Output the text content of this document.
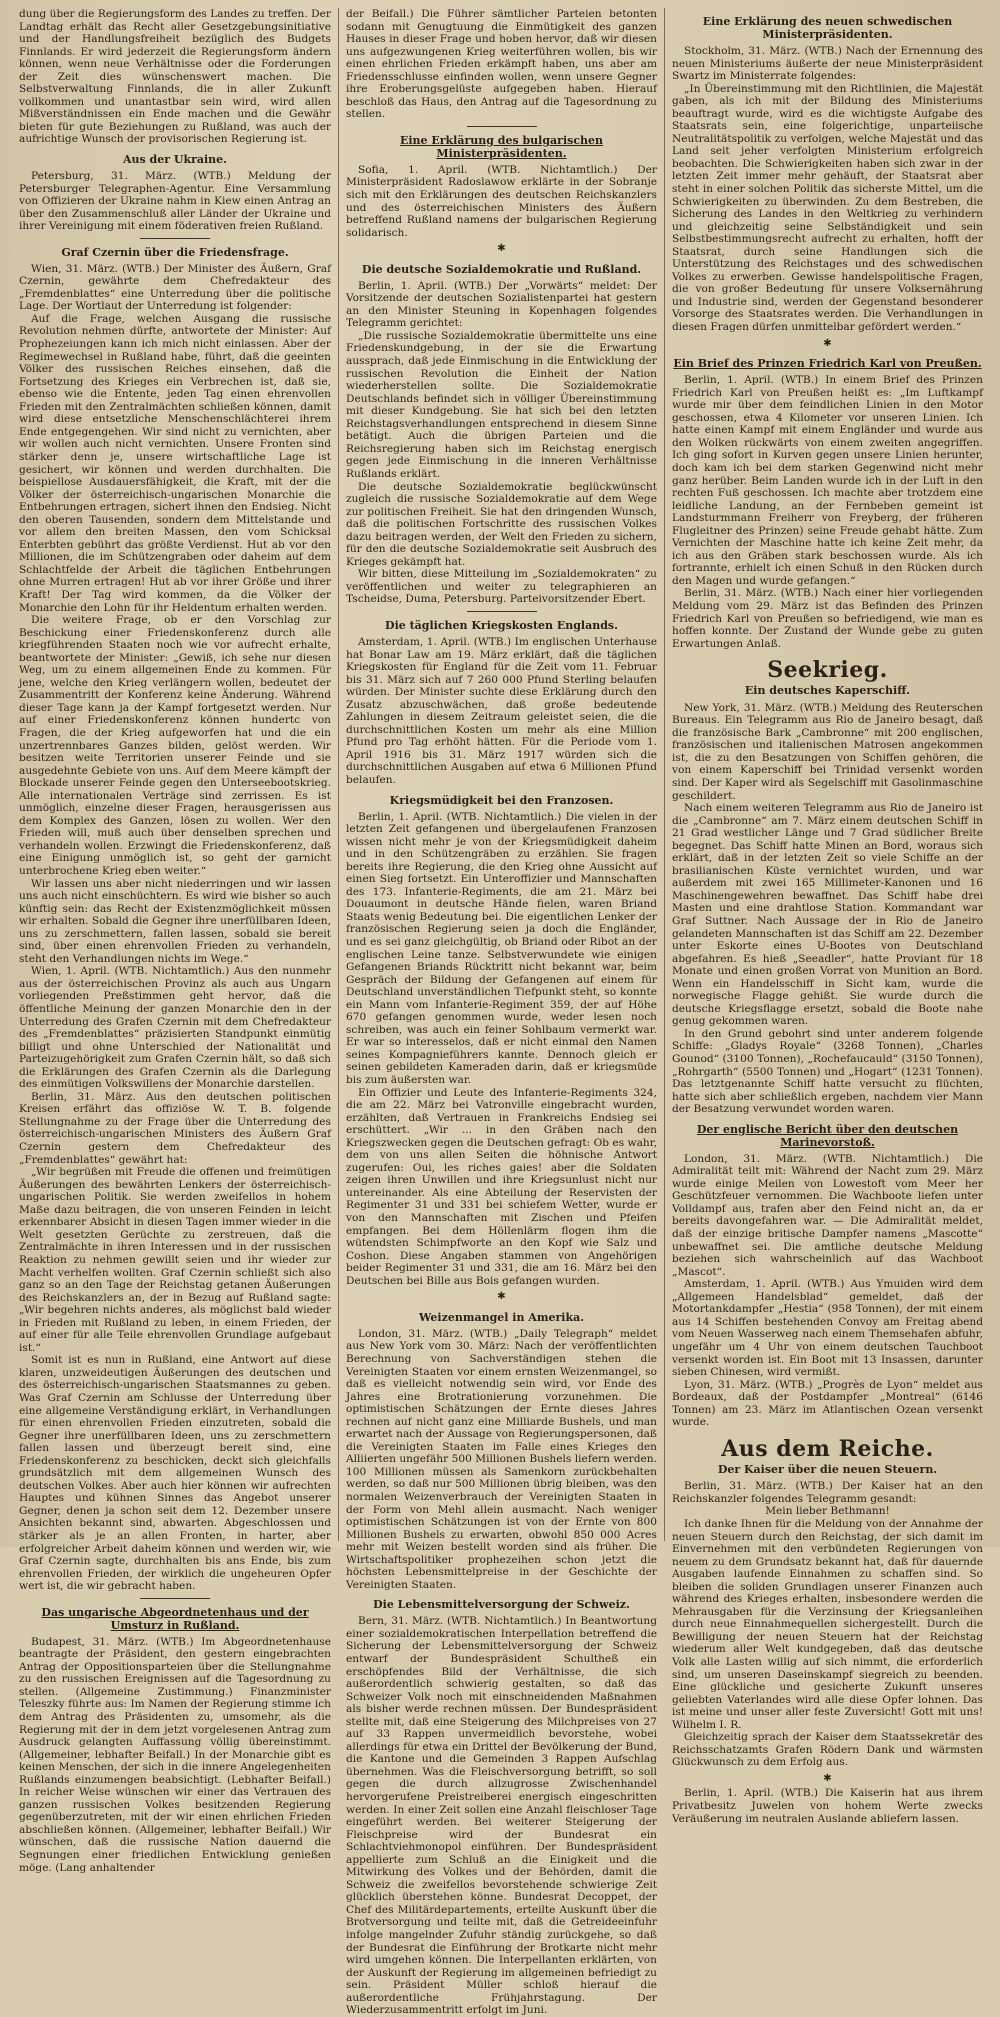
dung über die Regierungsform des Landes zu treffen. Der Landtag erhält das Recht aller Gesetzgebungsinitiative und der Handlungsfreiheit bezüglich des Budgets Finnlands. Er wird jederzeit die Regierungsform ändern können, wenn neue Verhältnisse oder die Forderungen der Zeit dies wünschenswert machen. Die Selbstverwaltung Finnlands, die in aller Zukunft vollkommen und unantastbar sein wird, wird allen Mißverständnissen ein Ende machen und die Gewähr bieten für gute Beziehungen zu Rußland, was auch der aufrichtige Wunsch der provisorischen Regierung ist.

Aus der Ukraine.

Petersburg, 31. März. (WTB.) Meldung der Petersburger Telegraphen-Agentur. Eine Versammlung von Offizieren der Ukraine nahm in Kiew einen Antrag an über den Zusammenschluß aller Länder der Ukraine und ihrer Vereinigung mit einem föderativen freien Rußland.

Graf Czernin über die Friedensfrage.

Wien, 31. März. (WTB.) Der Minister des Äußern, Graf Czernin, gewährte dem Chefredakteur des „Fremdenblattes“ eine Unterredung über die politische Lage. Der Wortlaut der Unterredung ist folgender:

Auf die Frage, welchen Ausgang die russische Revolution nehmen dürfte, antwortete der Minister: Auf Prophezeiungen kann ich mich nicht einlassen. Aber der Regimewechsel in Rußland habe, führt, daß die geeinten Völker des russischen Reiches einsehen, daß die Fortsetzung des Krieges ein Verbrechen ist, daß sie, ebenso wie die Entente, jeden Tag einen ehrenvollen Frieden mit den Zentralmächten schließen können, damit wird diese entsetzliche Menschenschlächterei ihrem Ende entgegengehen. Wir sind nicht zu vernichten, aber wir wollen auch nicht vernichten. Unsere Fronten sind stärker denn je, unsere wirtschaftliche Lage ist gesichert, wir können und werden durchhalten. Die beispiellose Ausdauersfähigkeit, die Kraft, mit der die Völker der österreichisch-ungarischen Monarchie die Entbehrungen ertragen, sichert ihnen den Endsieg. Nicht den oberen Tausenden, sondern dem Mittelstande und vor allem den breiten Massen, den vom Schicksal Enterbten gebührt das größte Verdienst. Hut ab vor den Millionen, die im Schützengraben oder daheim auf dem Schlachtfelde der Arbeit die täglichen Entbehrungen ohne Murren ertragen! Hut ab vor ihrer Größe und ihrer Kraft! Der Tag wird kommen, da die Völker der Monarchie den Lohn für ihr Heldentum erhalten werden.

Die weitere Frage, ob er den Vorschlag zur Beschickung einer Friedenskonferenz durch alle kriegführenden Staaten noch wie vor aufrecht erhalte, beantwortete der Minister: „Gewiß, ich sehe nur diesen Weg, um zu einem allgemeinen Ende zu kommen. Für jene, welche den Krieg verlängern wollen, bedeutet der Zusammentritt der Konferenz keine Änderung. Während dieser Tage kann ja der Kampf fortgesetzt werden. Nur auf einer Friedenskonferenz können hundertc von Fragen, die der Krieg aufgeworfen hat und die ein unzertrennbares Ganzes bilden, gelöst werden. Wir besitzen weite Territorien unserer Feinde und sie ausgedehnte Gebiete von uns. Auf dem Meere kämpft der Blockade unserer Feinde gegen den Unterseebootskrieg. Alle internationalen Verträge sind zerrissen. Es ist unmöglich, einzelne dieser Fragen, herausgerissen aus dem Komplex des Ganzen, lösen zu wollen. Wer den Frieden will, muß auch über denselben sprechen und verhandeln wollen. Erzwingt die Friedenskonferenz, daß eine Einigung unmöglich ist, so geht der garnicht unterbrochene Krieg eben weiter.“

Wir lassen uns aber nicht niederringen und wir lassen uns auch nicht einschüchtern. Es wird wie bisher so auch künftig sein: das Recht der Existenzmöglichkeit müssen wir erhalten. Sobald die Gegner ihre unerfüllbaren Ideen, uns zu zerschmettern, fallen lassen, sobald sie bereit sind, über einen ehrenvollen Frieden zu verhandeln, steht den Verhandlungen nichts im Wege.“

Wien, 1. April. (WTB. Nichtamtlich.) Aus den nunmehr aus der österreichischen Provinz als auch aus Ungarn vorliegenden Preßstimmen geht hervor, daß die öffentliche Meinung der ganzen Monarchie den in der Unterredung des Grafen Czernin mit dem Chefredakteur des „Fremdenblattes“ präzisierten Standpunkt einmütig billigt und ohne Unterschied der Nationalität und Parteizugehörigkeit zum Grafen Czernin hält, so daß sich die Erklärungen des Grafen Czernin als die Darlegung des einmütigen Volkswillens der Monarchie darstellen.

Berlin, 31. März. Aus den deutschen politischen Kreisen erfährt das offiziöse W. T. B. folgende Stellungnahme zu der Frage über die Unterredung des österreichisch-ungarischen Ministers des Äußern Graf Czernin gestern dem Chefredakteur des „Fremdenblattes“ gewährt hat:

„Wir begrüßen mit Freude die offenen und freimütigen Äußerungen des bewährten Lenkers der österreichisch-ungarischen Politik. Sie werden zweifellos in hohem Maße dazu beitragen, die von unseren Feinden in leicht erkennbarer Absicht in diesen Tagen immer wieder in die Welt gesetzten Gerüchte zu zerstreuen, daß die Zentralmächte in ihren Interessen und in der russischen Reaktion zu nehmen gewillt seien und ihr wieder zur Macht verhelfen wollten. Graf Czernin schließt sich also ganz so an den Tage der Reichstag getanen Äußerungen des Reichskanzlers an, der in Bezug auf Rußland sagte: „Wir begehren nichts anderes, als möglichst bald wieder in Frieden mit Rußland zu leben, in einem Frieden, der auf einer für alle Teile ehrenvollen Grundlage aufgebaut ist.“

Somit ist es nun in Rußland, eine Antwort auf diese klaren, unzweideutigen Äußerungen des deutschen und des österreichisch-ungarischen Staatsmannes zu geben. Was Graf Czernin am Schlusse der Unterredung über eine allgemeine Verständigung erklärt, in Verhandlungen für einen ehrenvollen Frieden einzutreten, sobald die Gegner ihre unerfüllbaren Ideen, uns zu zerschmettern fallen lassen und überzeugt bereit sind, eine Friedenskonferenz zu beschicken, deckt sich gleichfalls grundsätzlich mit dem allgemeinen Wunsch des deutschen Volkes. Aber auch hier können wir aufrechten Hauptes und kühnen Sinnes das Angebot unserer Gegner, denen ja schon seit dem 12. Dezember unsere Ansichten bekannt sind, abwarten. Abgeschlossen und stärker als je an allen Fronten, in harter, aber erfolgreicher Arbeit daheim können und werden wir, wie Graf Czernin sagte, durchhalten bis ans Ende, bis zum ehrenvollen Frieden, der wirklich die ungeheuren Opfer wert ist, die wir gebracht haben.

Das ungarische Abgeordnetenhaus und der Umsturz in Rußland.

Budapest, 31. März. (WTB.) Im Abgeordnetenhause beantragte der Präsident, den gestern eingebrachten Antrag der Oppositionsparteien über die Stellungnahme zu den russischen Ereignissen auf die Tagesordnung zu stellen. (Allgemeine Zustimmung.) Finanzminister Teleszky führte aus: Im Namen der Regierung stimme ich dem Antrag des Präsidenten zu, umsomehr, als die Regierung mit der in dem jetzt vorgelesenen Antrag zum Ausdruck gelangten Auffassung völlig übereinstimmt. (Allgemeiner, lebhafter Beifall.) In der Monarchie gibt es keinen Menschen, der sich in die innere Angelegenheiten Rußlands einzumengen beabsichtigt. (Lebhafter Beifall.) In reicher Weise wünschen wir einer das Vertrauen des ganzen russischen Volkes besitzenden Regierung gegenüberzutreten, mit der wir einen ehrlichen Frieden abschließen können. (Allgemeiner, lebhafter Beifall.) Wir wünschen, daß die russische Nation dauernd die Segnungen einer friedlichen Entwicklung genießen möge. (Lang anhaltender

der Beifall.) Die Führer sämtlicher Parteien betonten sodann mit Genugtuung die Einmütigkeit des ganzen Hauses in dieser Frage und hoben hervor, daß wir diesen uns aufgezwungenen Krieg weiterführen wollen, bis wir einen ehrlichen Frieden erkämpft haben, uns aber am Friedensschlusse einfinden wollen, wenn unsere Gegner ihre Eroberungsgelüste aufgegeben haben. Hierauf beschloß das Haus, den Antrag auf die Tagesordnung zu stellen.

Eine Erklärung des bulgarischen Ministerpräsidenten.

Sofia, 1. April. (WTB. Nichtamtlich.) Der Ministerpräsident Radoslawow erklärte in der Sobranje sich mit den Erklärungen des deutschen Reichskanzlers und des österreichischen Ministers des Äußern betreffend Rußland namens der bulgarischen Regierung solidarisch.

✱
Die deutsche Sozialdemokratie und Rußland.

Berlin, 1. April. (WTB.) Der „Vorwärts“ meldet: Der Vorsitzende der deutschen Sozialistenpartei hat gestern an den Minister Steuning in Kopenhagen folgendes Telegramm gerichtet:

„Die russische Sozialdemokratie übermittelte uns eine Friedenskundgebung, in der sie die Erwartung aussprach, daß jede Einmischung in die Entwicklung der russischen Revolution die Einheit der Nation wiederherstellen sollte. Die Sozialdemokratie Deutschlands befindet sich in völliger Übereinstimmung mit dieser Kundgebung. Sie hat sich bei den letzten Reichstagsverhandlungen entsprechend in diesem Sinne betätigt. Auch die übrigen Parteien und die Reichsregierung haben sich im Reichstag energisch gegen jede Einmischung in die inneren Verhältnisse Rußlands erklärt.

Die deutsche Sozialdemokratie beglückwünscht zugleich die russische Sozialdemokratie auf dem Wege zur politischen Freiheit. Sie hat den dringenden Wunsch, daß die politischen Fortschritte des russischen Volkes dazu beitragen werden, der Welt den Frieden zu sichern, für den die deutsche Sozialdemokratie seit Ausbruch des Krieges gekämpft hat.

Wir bitten, diese Mitteilung im „Sozialdemokraten“ zu veröffentlichen und weiter zu telegraphieren an Tscheidse, Duma, Petersburg. Parteivorsitzender Ebert.

Die täglichen Kriegskosten Englands.

Amsterdam, 1. April. (WTB.) Im englischen Unterhause hat Bonar Law am 19. März erklärt, daß die täglichen Kriegskosten für England für die Zeit vom 11. Februar bis 31. März sich auf 7 260 000 Pfund Sterling belaufen würden. Der Minister suchte diese Erklärung durch den Zusatz abzuschwächen, daß große bedeutende Zahlungen in diesem Zeitraum geleistet seien, die die durchschnittlichen Kosten um mehr als eine Million Pfund pro Tag erhöht hätten. Für die Periode vom 1. April 1916 bis 31. März 1917 würden sich die durchschnittlichen Ausgaben auf etwa 6 Millionen Pfund belaufen.

Kriegsmüdigkeit bei den Franzosen.

Berlin, 1. April. (WTB. Nichtamtlich.) Die vielen in der letzten Zeit gefangenen und übergelaufenen Franzosen wissen nicht mehr je von der Kriegsmüdigkeit daheim und in den Schützengräben zu erzählen. Sie fragen bereits ihre Regierung, die den Krieg ohne Aussicht auf einen Sieg fortsetzt. Ein Unteroffizier und Mannschaften des 173. Infanterie-Regiments, die am 21. März bei Douaumont in deutsche Hände fielen, waren Briand Staats wenig Bedeutung bei. Die eigentlichen Lenker der französischen Regierung seien ja doch die Engländer, und es sei ganz gleichgültig, ob Briand oder Ribot an der englischen Leine tanze. Selbstverwundete wie einigen Gefangenen Briands Rücktritt nicht bekannt war, beim Gespräch der Bildung der Gefangenen auf einem für Deutschland unverständlichen Tiefpunkt steht, so konnte ein Mann vom Infanterie-Regiment 359, der auf Höhe 670 gefangen genommen wurde, weder lesen noch schreiben, was auch ein feiner Sohlbaum vermerkt war. Er war so interesselos, daß er nicht einmal den Namen seines Kompagnieführers kannte. Dennoch gleich er seinen gebildeten Kameraden darin, daß er kriegsmüde bis zum äußersten war.

Ein Offizier und Leute des Infanterie-Regiments 324, die am 22. März bei Vatronville eingebracht wurden, erzählten, daß Vertrauen in Frankreichs Endsieg sei erschüttert. „Wir ... in den Gräben nach den Kriegszwecken gegen die Deutschen gefragt: Ob es wahr, dem von uns allen Seiten die höhnische Antwort zugerufen: Oui, les riches gaies! aber die Soldaten zeigen ihren Unwillen und ihre Kriegsunlust nicht nur untereinander. Als eine Abteilung der Reservisten der Regimenter 31 und 331 bei schiefem Wetter, wurde er von den Mannschaften mit Zischen und Pfeifen empfangen. Bei dem Höllenlärm flogen ihm die wütendsten Schimpfworte an den Kopf wie Salz und Coshon. Diese Angaben stammen von Angehörigen beider Regimenter 31 und 331, die am 16. März bei den Deutschen bei Bille aus Bois gefangen wurden.

✱
Weizenmangel in Amerika.

London, 31. März. (WTB.) „Daily Telegraph“ meldet aus New York vom 30. März: Nach der veröffentlichten Berechnung von Sachverständigen stehen die Vereinigten Staaten vor einem ernsten Weizenmangel, so daß es vielleicht notwendig sein wird, vor Ende des Jahres eine Brotrationierung vorzunehmen. Die optimistischen Schätzungen der Ernte dieses Jahres rechnen auf nicht ganz eine Milliarde Bushels, und man erwartet nach der Aussage von Regierungspersonen, daß die Vereinigten Staaten im Falle eines Krieges den Alliierten ungefähr 500 Millionen Bushels liefern werden. 100 Millionen müssen als Samenkorn zurückbehalten werden, so daß nur 500 Millionen übrig bleiben, was den normalen Weizenverbrauch der Vereinigten Staaten in der Form von Mehl allein ausmacht. Nach weniger optimistischen Schätzungen ist von der Ernte von 800 Millionen Bushels zu erwarten, obwohl 850 000 Acres mehr mit Weizen bestellt worden sind als früher. Die Wirtschaftspolitiker prophezeihen schon jetzt die höchsten Lebensmittelpreise in der Geschichte der Vereinigten Staaten.

Die Lebensmittelversorgung der Schweiz.

Bern, 31. März. (WTB. Nichtamtlich.) In Beantwortung einer sozialdemokratischen Interpellation betreffend die Sicherung der Lebensmittelversorgung der Schweiz entwarf der Bundespräsident Schultheß ein erschöpfendes Bild der Verhältnisse, die sich außerordentlich schwierig gestalten, so daß das Schweizer Volk noch mit einschneidenden Maßnahmen als bisher werde rechnen müssen. Der Bundespräsident stellte mit, daß eine Steigerung des Milchpreises von 27 auf 33 Rappen unvermeidlich bevorstehe, wobei allerdings für etwa ein Drittel der Bevölkerung der Bund, die Kantone und die Gemeinden 3 Rappen Aufschlag übernehmen. Was die Fleischversorgung betrifft, so soll gegen die durch allzugrosse Zwischenhandel hervorgerufene Preistreiberei energisch eingeschritten werden. In einer Zeit sollen eine Anzahl fleischloser Tage eingeführt werden. Bei weiterer Steigerung der Fleischpreise wird der Bundesrat ein Schlachtviehmonopol einführen. Der Bundespräsident appellierte zum Schluß an die Einigkeit und die Mitwirkung des Volkes und der Behörden, damit die Schweiz die zweifellos bevorstehende schwierige Zeit glücklich überstehen könne. Bundesrat Decoppet, der Chef des Militärdepartements, erteilte Auskunft über die Brotversorgung und teilte mit, daß die Getreideeinfuhr infolge mangelnder Zufuhr ständig zurückgehe, so daß der Bundesrat die Einführung der Brotkarte nicht mehr wird umgehen können. Die Interpellanten erklärten, von der Auskunft der Regierung im allgemeinen befriedigt zu sein. Präsident Müller schloß hierauf die außerordentliche Frühjahrstagung. Der Wiederzusammentritt erfolgt im Juni.

Eine Erklärung des neuen schwedischen Ministerpräsidenten.

Stockholm, 31. März. (WTB.) Nach der Ernennung des neuen Ministeriums äußerte der neue Ministerpräsident Swartz im Ministerrate folgendes:

„In Übereinstimmung mit den Richtlinien, die Majestät gaben, als ich mit der Bildung des Ministeriums beauftragt wurde, wird es die wichtigste Aufgabe des Staatsrats sein, eine folgerichtige, unparteiische Neutralitätspolitik zu verfolgen, welche Majestät und das Land seit jeher verfolgten Ministerium erfolgreich beobachten. Die Schwierigkeiten haben sich zwar in der letzten Zeit immer mehr gehäuft, der Staatsrat aber steht in einer solchen Politik das sicherste Mittel, um die Schwierigkeiten zu überwinden. Zu dem Bestreben, die Sicherung des Landes in den Weltkrieg zu verhindern und gleichzeitig seine Selbständigkeit und sein Selbstbestimmungsrecht aufrecht zu erhalten, hofft der Staatsrat, durch seine Handlungen sich die Unterstützung des Reichstages und des schwedischen Volkes zu erwerben. Gewisse handelspolitische Fragen, die von großer Bedeutung für unsere Volksernährung und Industrie sind, werden der Gegenstand besonderer Vorsorge des Staatsrates werden. Die Verhandlungen in diesen Fragen dürfen unmittelbar gefördert werden.“

✱
Ein Brief des Prinzen Friedrich Karl von Preußen.

Berlin, 1. April. (WTB.) In einem Brief des Prinzen Friedrich Karl von Preußen heißt es: „Im Luftkampf wurde mir über dem feindlichen Linien in den Motor geschossen, etwa 4 Kilometer vor unseren Linien. Ich hatte einen Kampf mit einem Engländer und wurde aus den Wolken rückwärts von einem zweiten angegriffen. Ich ging sofort in Kurven gegen unsere Linien herunter, doch kam ich bei dem starken Gegenwind nicht mehr ganz herüber. Beim Landen wurde ich in der Luft in den rechten Fuß geschossen. Ich machte aber trotzdem eine leidliche Landung, an der Fernbeben gemeint ist Landsturmmann Freiherr von Freyberg, der früheren Flugleitner des Prinzen) seine Freude gehabt hätte. Zum Vernichten der Maschine hatte ich keine Zeit mehr, da ich aus den Gräben stark beschossen wurde. Als ich fortrannte, erhielt ich einen Schuß in den Rücken durch den Magen und wurde gefangen.“

Berlin, 31. März. (WTB.) Nach einer hier vorliegenden Meldung vom 29. März ist das Befinden des Prinzen Friedrich Karl von Preußen so befriedigend, wie man es hoffen konnte. Der Zustand der Wunde gebe zu guten Erwartungen Anlaß.

Seekrieg.
Ein deutsches Kaperschiff.

New York, 31. März. (WTB.) Meldung des Reuterschen Bureaus. Ein Telegramm aus Rio de Janeiro besagt, daß die französische Bark „Cambronne“ mit 200 englischen, französischen und italienischen Matrosen angekommen ist, die zu den Besatzungen von Schiffen gehören, die von einem Kaperschiff bei Trinidad versenkt worden sind. Der Kaper wird als Segelschiff mit Gasolinmaschine geschildert.

Nach einem weiteren Telegramm aus Rio de Janeiro ist die „Cambronne“ am 7. März einem deutschen Schiff in 21 Grad westlicher Länge und 7 Grad südlicher Breite begegnet. Das Schiff hatte Minen an Bord, woraus sich erklärt, daß in der letzten Zeit so viele Schiffe an der brasilianischen Küste vernichtet wurden, und war außerdem mit zwei 165 Millimeter-Kanonen und 16 Maschinengewehren bewaffnet. Das Schiff habe drei Masten und eine drahtlose Station. Kommandant war Graf Suttner. Nach Aussage der in Rio de Janeiro gelandeten Mannschaften ist das Schiff am 22. Dezember unter Eskorte eines U-Bootes von Deutschland abgefahren. Es hieß „Seeadler“, hatte Proviant für 18 Monate und einen großen Vorrat von Munition an Bord. Wenn ein Handelsschiff in Sicht kam, wurde die norwegische Flagge gehißt. Sie wurde durch die deutsche Kriegsflagge ersetzt, sobald die Boote nahe genug gekommen waren.

In den Grund gebohrt sind unter anderem folgende Schiffe: „Gladys Royale“ (3268 Tonnen), „Charles Gounod“ (3100 Tonnen), „Rochefaucauld“ (3150 Tonnen), „Rohrgarth“ (5500 Tonnen) und „Hogart“ (1231 Tonnen). Das letztgenannte Schiff hatte versucht zu flüchten, hatte sich aber schließlich ergeben, nachdem vier Mann der Besatzung verwundet worden waren.

Der englische Bericht über den deutschen Marinevorstoß.

London, 31. März. (WTB. Nichtamtlich.) Die Admiralität teilt mit: Während der Nacht zum 29. März wurde einige Meilen von Lowestoft vom Meer her Geschützfeuer vernommen. Die Wachboote liefen unter Volldampf aus, trafen aber den Feind nicht an, da er bereits davongefahren war. — Die Admiralität meldet, daß der einzige britische Dampfer namens „Mascotte“ unbewaffnet sei. Die amtliche deutsche Meldung beziehen sich wahrscheinlich auf das Wachboot „Mascot“.

Amsterdam, 1. April. (WTB.) Aus Ymuiden wird dem „Allgemeen Handelsblad“ gemeldet, daß der Motortankdampfer „Hestia“ (958 Tonnen), der mit einem aus 14 Schiffen bestehenden Convoy am Freitag abend vom Neuen Wasserweg nach einem Themsehafen abfuhr, ungefähr um 4 Uhr von einem deutschen Tauchboot versenkt worden ist. Ein Boot mit 13 Insassen, darunter sieben Chinesen, wird vermißt.

Lyon, 31. März. (WTB.) „Progrès de Lyon“ meldet aus Bordeaux, daß der Postdampfer „Montreal“ (6146 Tonnen) am 23. März im Atlantischen Ozean versenkt wurde.

Aus dem Reiche.
Der Kaiser über die neuen Steuern.

Berlin, 31. März. (WTB.) Der Kaiser hat an den Reichskanzler folgendes Telegramm gesandt:

Mein lieber Bethmann!

Ich danke Ihnen für die Meldung von der Annahme der neuen Steuern durch den Reichstag, der sich damit im Einvernehmen mit den verbündeten Regierungen von neuem zu dem Grundsatz bekannt hat, daß für dauernde Ausgaben laufende Einnahmen zu schaffen sind. So bleiben die soliden Grundlagen unserer Finanzen auch während des Krieges erhalten, insbesondere werden die Mehrausgaben für die Verzinsung der Kriegsanleihen durch neue Einnahmequellen sichergestellt. Durch die Bewilligung der neuen Steuern hat der Reichstag wiederum aller Welt kundgegeben, daß das deutsche Volk alle Lasten willig auf sich nimmt, die erforderlich sind, um unseren Daseinskampf siegreich zu beenden. Eine glückliche und gesicherte Zukunft unseres geliebten Vaterlandes wird alle diese Opfer lohnen. Das ist meine und unser aller feste Zuversicht! Gott mit uns! Wilhelm I. R.

Gleichzeitig sprach der Kaiser dem Staatssekretär des Reichsschatzamts Grafen Rödern Dank und wärmsten Glückwunsch zu dem Erfolg aus.

✱

Berlin, 1. April. (WTB.) Die Kaiserin hat aus ihrem Privatbesitz Juwelen von hohem Werte zwecks Veräußerung im neutralen Auslande abliefern lassen.
